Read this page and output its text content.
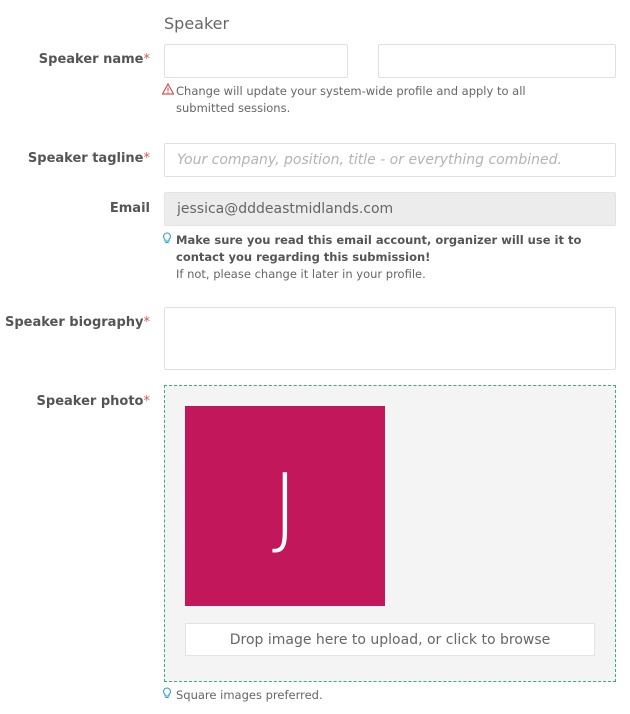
Speaker
Speaker name*
Change will update your system-wide profile and apply to all submitted sessions.
Speaker tagline*
Your company, position, title - or everything combined.
Email
jessica@dddeastmidlands.com
Make sure you read this email account, organizer will use it to contact you regarding this submission!
If not, please change it later in your profile.
Speaker biography*
Speaker photo*
J
Drop image here to upload, or click to browse
Square images preferred.
